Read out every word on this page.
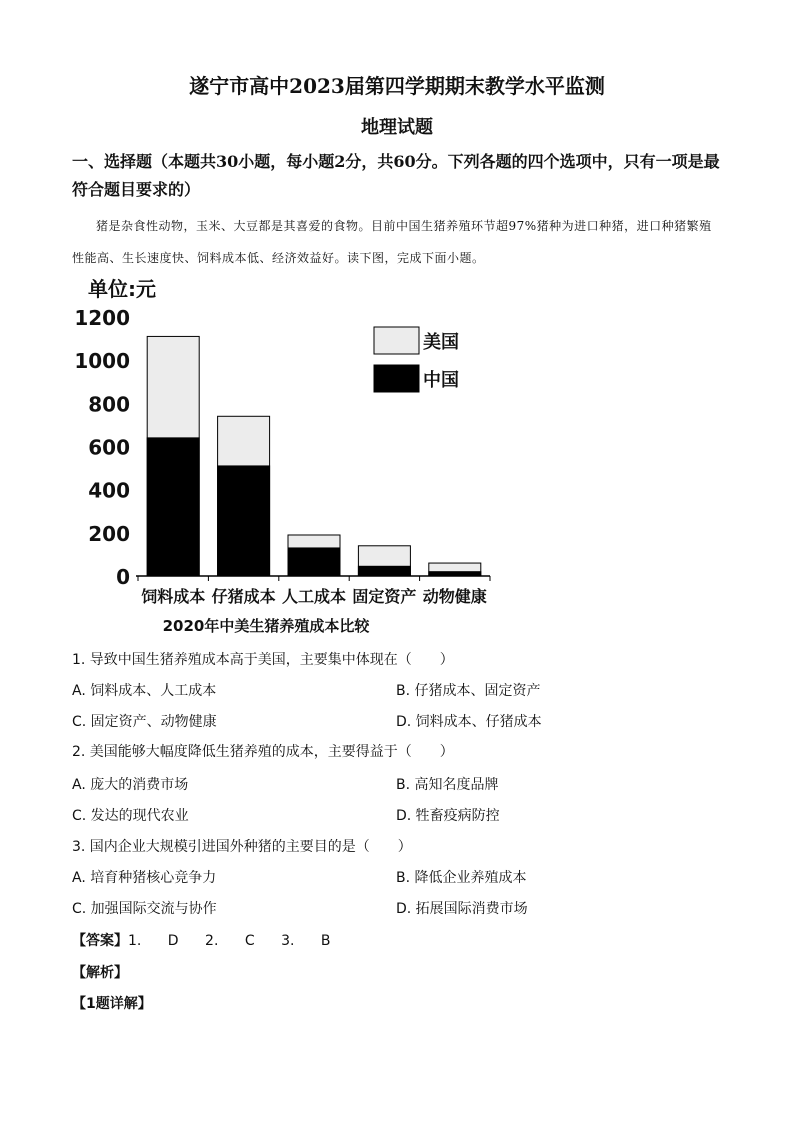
遂宁市高中2023届第四学期期末教学水平监测
地理试题
一、选择题（本题共30小题，每小题2分，共60分。下列各题的四个选项中，只有一项是最符合题目要求的）
猪是杂食性动物，玉米、大豆都是其喜爱的食物。目前中国生猪养殖环节超97%猪种为进口种猪，进口种猪繁殖性能高、生长速度快、饲料成本低、经济效益好。读下图，完成下面小题。
单位:元
0
200
400
600
800
1000
1200
饲料成本 仔猪成本 人工成本 固定资产 动物健康
2020年中美生猪养殖成本比较
美国
中国
1. 导致中国生猪养殖成本高于美国，主要集中体现在（　　）
A. 饲料成本、人工成本	B. 仔猪成本、固定资产
C. 固定资产、动物健康	D. 饲料成本、仔猪成本
2. 美国能够大幅度降低生猪养殖的成本，主要得益于（　　）
A. 庞大的消费市场	B. 高知名度品牌
C. 发达的现代农业	D. 牲畜疫病防控
3. 国内企业大规模引进国外种猪的主要目的是（　　）
A. 培育种猪核心竞争力	B. 降低企业养殖成本
C. 加强国际交流与协作	D. 拓展国际消费市场
【答案】1. D 2. C 3. B
【解析】
【1题详解】
